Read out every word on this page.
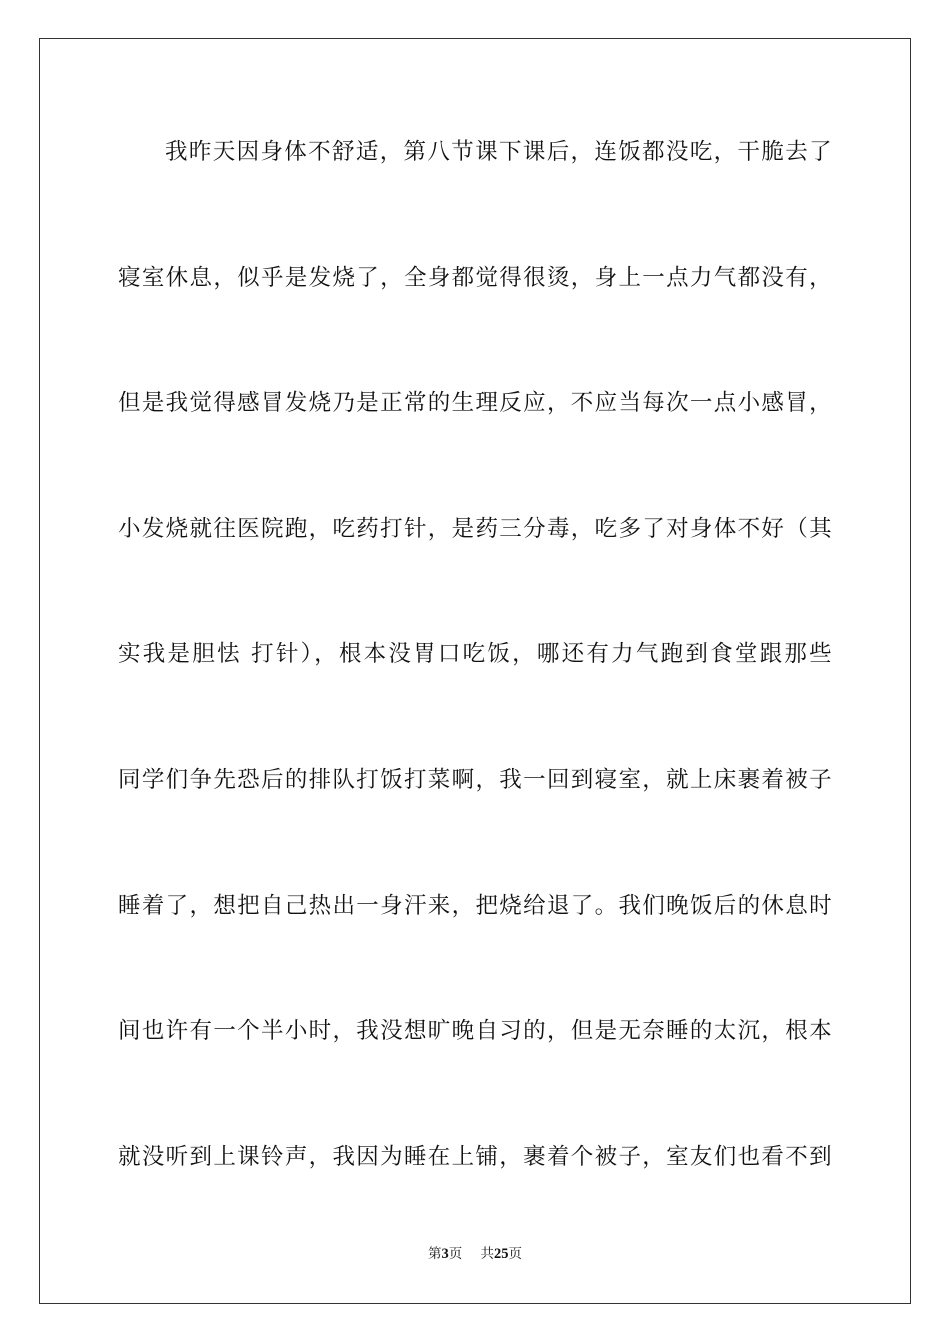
我昨天因身体不舒适，第八节课下课后，连饭都没吃，干脆去了
寝室休息，似乎是发烧了，全身都觉得很烫，身上一点力气都没有，
但是我觉得感冒发烧乃是正常的生理反应，不应当每次一点小感冒，
小发烧就往医院跑，吃药打针，是药三分毒，吃多了对身体不好（其
实我是胆怯 打针），根本没胃口吃饭，哪还有力气跑到食堂跟那些
同学们争先恐后的排队打饭打菜啊，我一回到寝室，就上床裹着被子
睡着了，想把自己热出一身汗来，把烧给退了。我们晚饭后的休息时
间也许有一个半小时，我没想旷晚自习的，但是无奈睡的太沉，根本
就没听到上课铃声，我因为睡在上铺，裹着个被子，室友们也看不到
第3页 共25页
